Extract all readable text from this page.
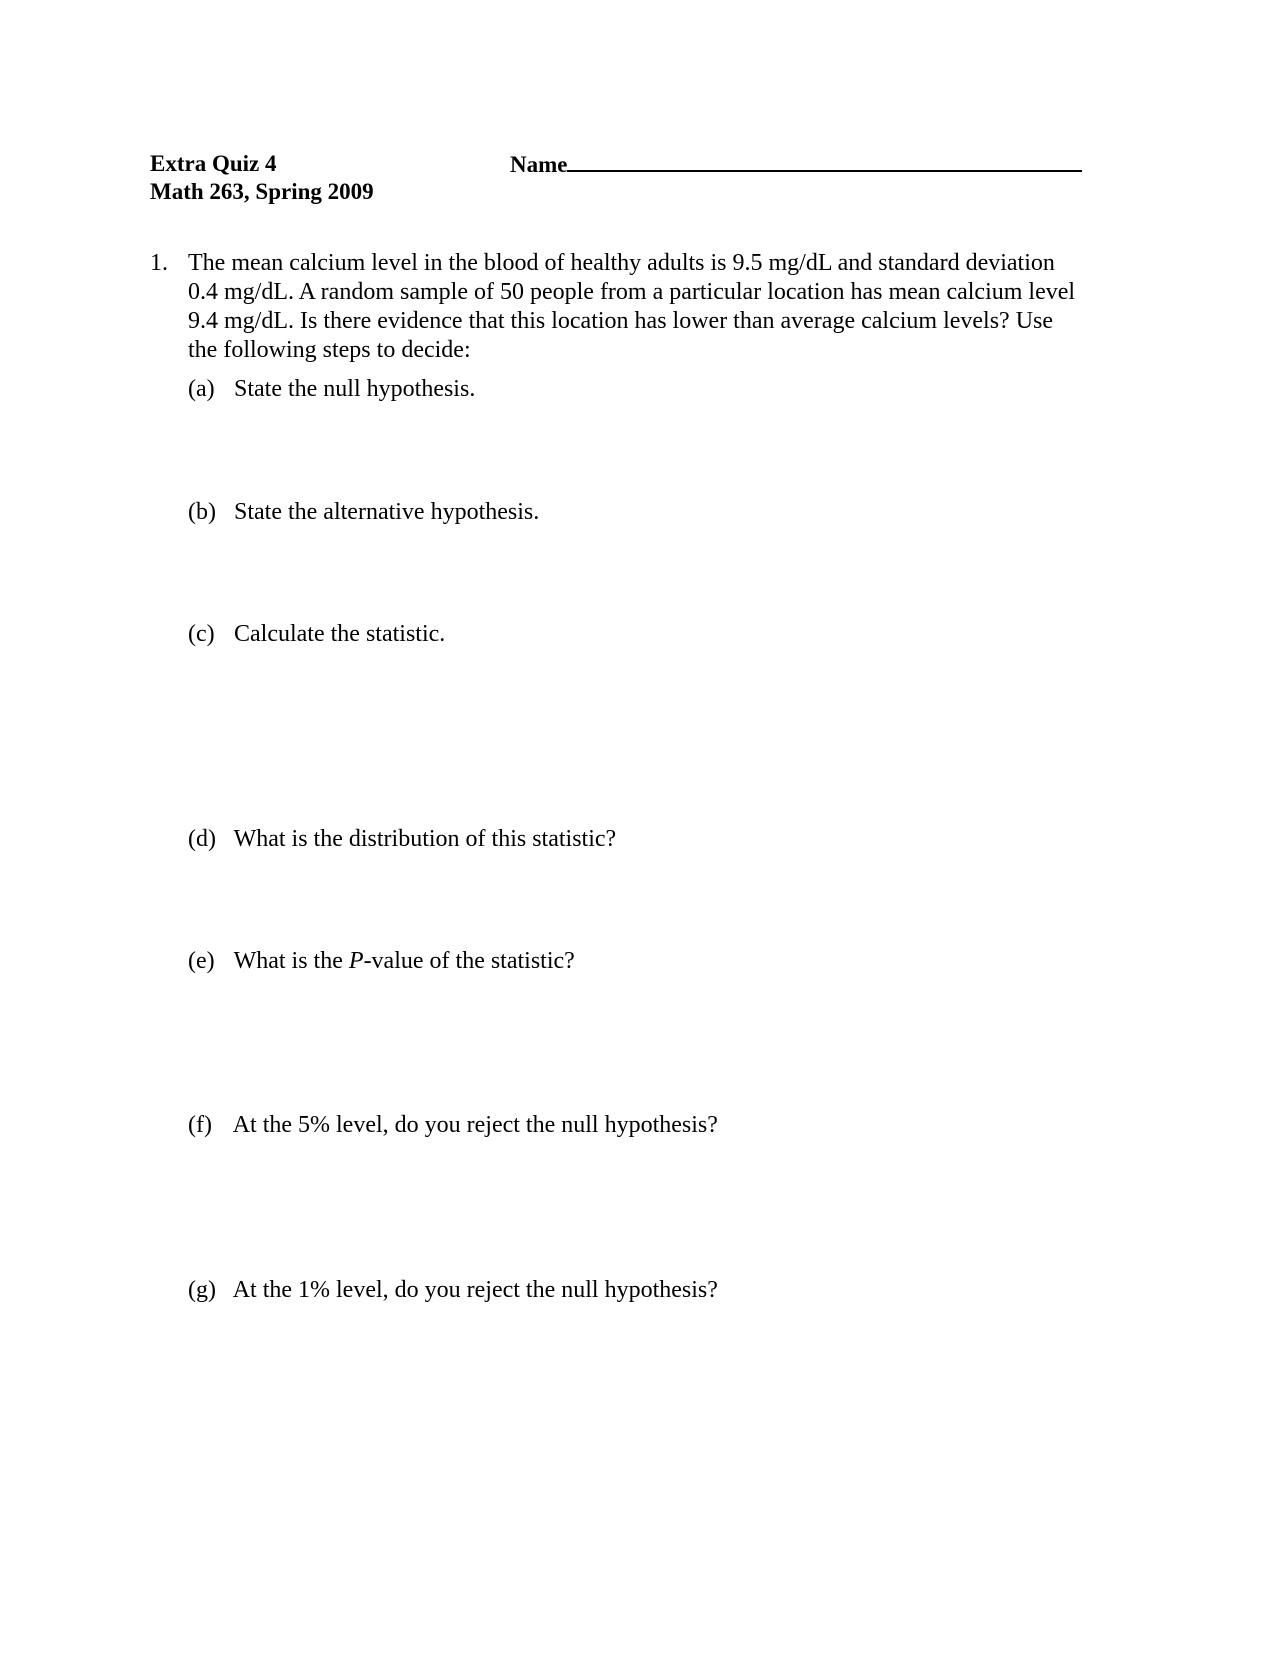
Extra Quiz 4
Math 263, Spring 2009
Name
1. The mean calcium level in the blood of healthy adults is 9.5 mg/dL and standard deviation
0.4 mg/dL. A random sample of 50 people from a particular location has mean calcium level
9.4 mg/dL. Is there evidence that this location has lower than average calcium levels? Use
the following steps to decide:
(a) State the null hypothesis.
(b) State the alternative hypothesis.
(c) Calculate the statistic.
(d) What is the distribution of this statistic?
(e) What is the P-value of the statistic?
(f) At the 5% level, do you reject the null hypothesis?
(g) At the 1% level, do you reject the null hypothesis?
